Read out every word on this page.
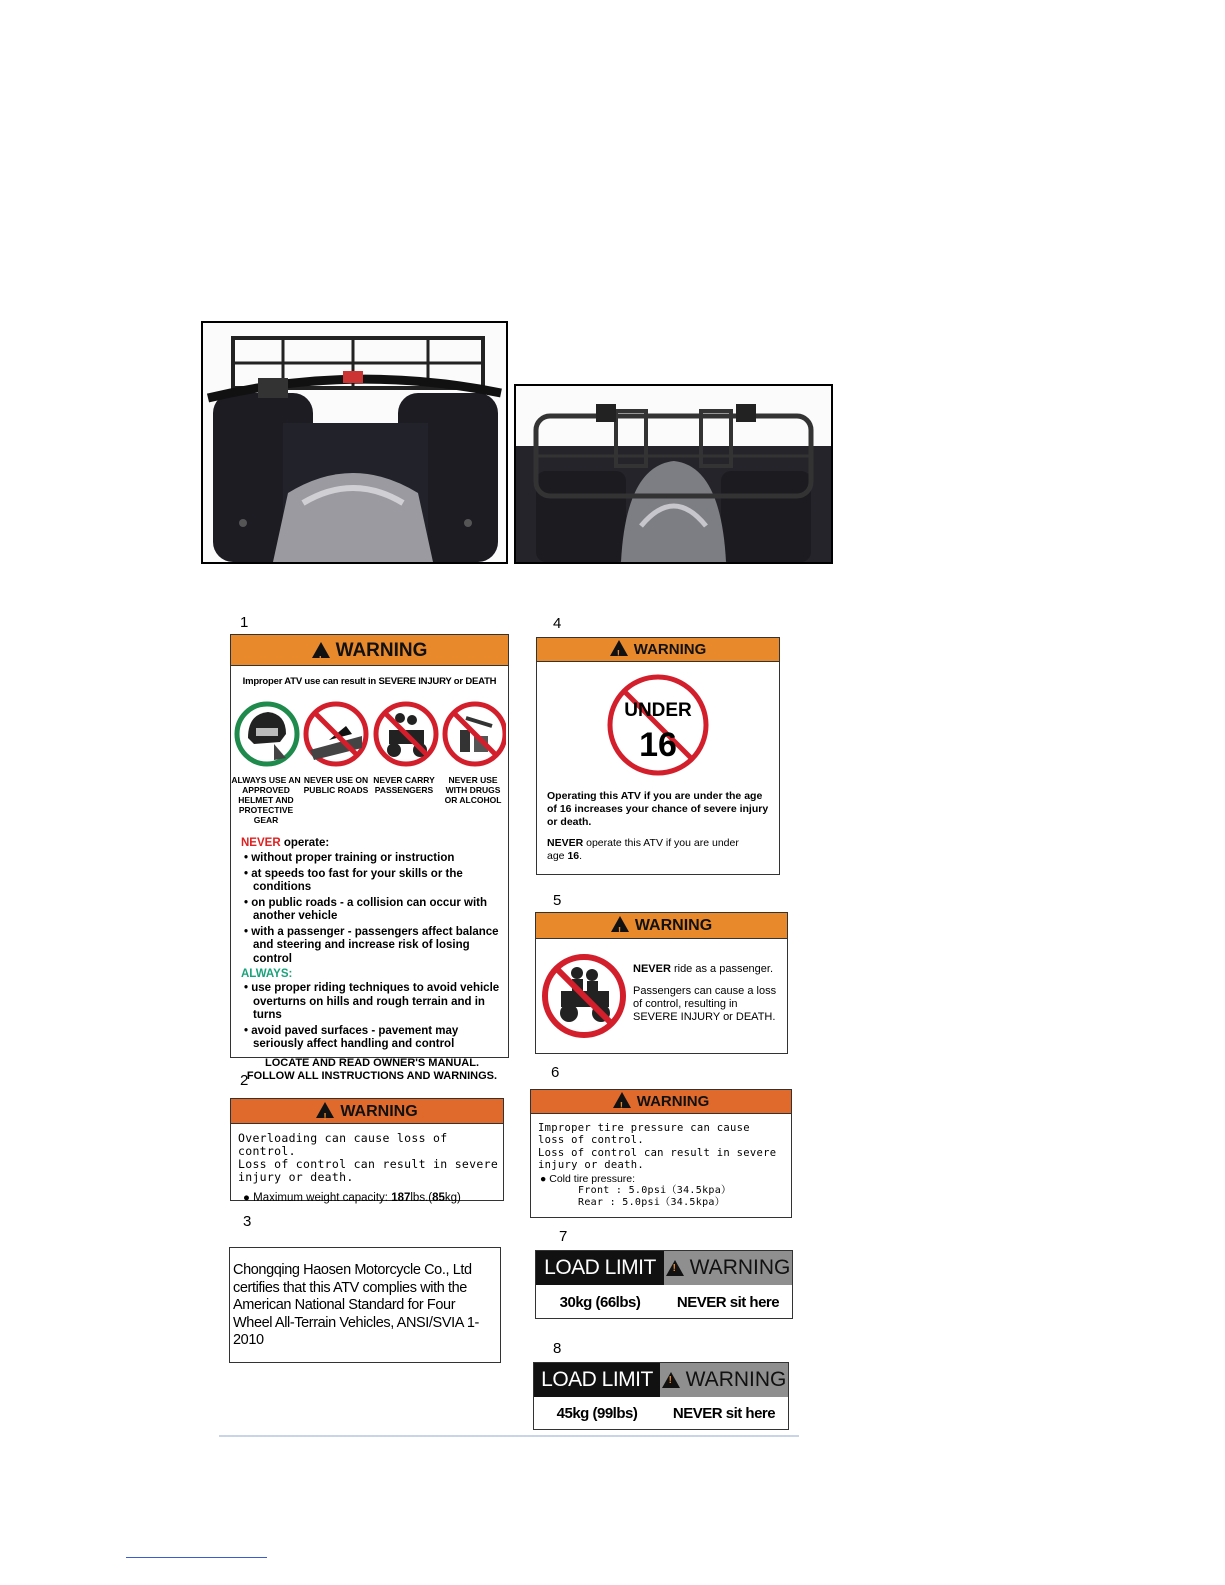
1
2
3
4
5
6
7
8
!WARNING
Improper ATV use can result in SEVERE INJURY or DEATH
ALWAYS USE AN APPROVED HELMET AND PROTECTIVE GEAR
NEVER USE ON PUBLIC ROADS
NEVER CARRY PASSENGERS
NEVER USE WITH DRUGS OR ALCOHOL
NEVER operate:
• without proper training or instruction
• at speeds too fast for your skills or the conditions
• on public roads - a collision can occur with another vehicle
• with a passenger - passengers affect balance and steering and increase risk of losing control
ALWAYS:
• use proper riding techniques to avoid vehicle overturns on hills and rough terrain and in turns
• avoid paved surfaces - pavement may seriously affect handling and control
LOCATE AND READ OWNER'S MANUAL.
FOLLOW ALL INSTRUCTIONS AND WARNINGS.
!WARNING
Overloading can cause loss of control.
Loss of control can result in severe
injury or death.
● Maximum weight capacity: 187lbs.(85kg)
Chongqing Haosen Motorcycle Co., Ltd certifies that this ATV complies with the American National Standard for Four Wheel All-Terrain Vehicles, ANSI/SVIA 1-2010
!WARNING
UNDER
16
Operating this ATV if you are under the age of 16 increases your chance of severe injury or death.
NEVER operate this ATV if you are under age 16.
!WARNING
NEVER ride as a passenger.
Passengers can cause a loss of control, resulting in SEVERE INJURY or DEATH.
!WARNING
Improper tire pressure can cause
loss of control.
Loss of control can result in severe
injury or death.
● Cold tire pressure:
Front : 5.0psi（34.5kpa）
Rear : 5.0psi（34.5kpa）
LOAD LIMIT !	WARNING
30kg (66lbs)	NEVER sit here
LOAD LIMIT !	WARNING
45kg (99lbs)	NEVER sit here
